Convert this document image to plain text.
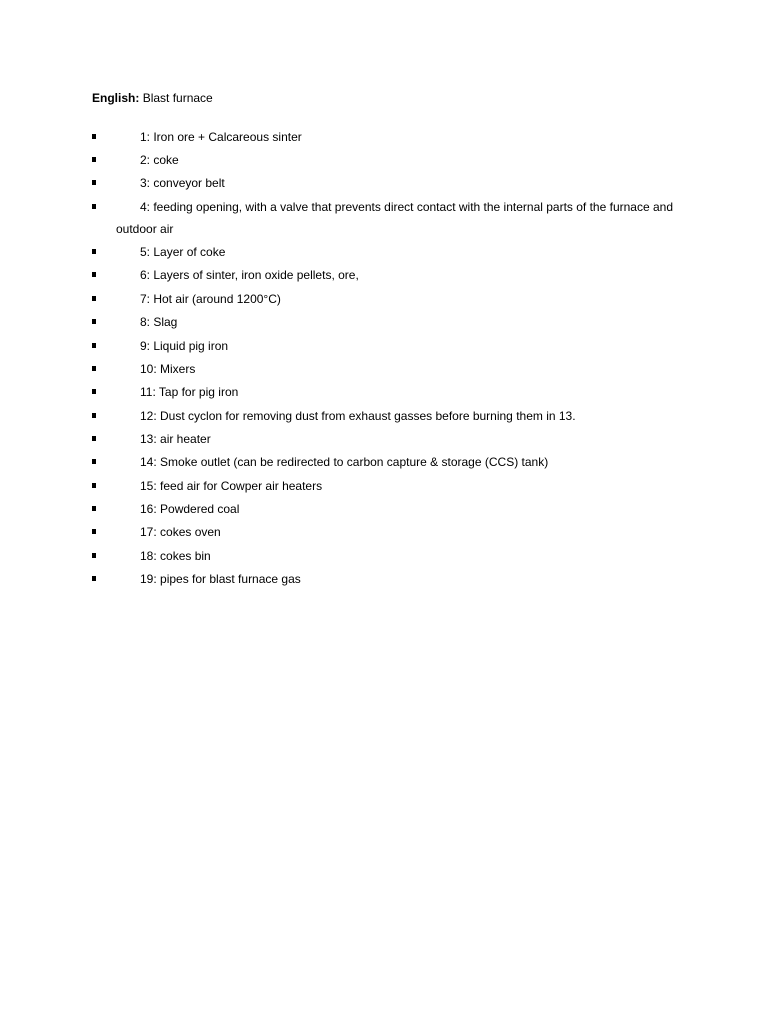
English: Blast furnace
1: Iron ore + Calcareous sinter
2: coke
3: conveyor belt
4: feeding opening, with a valve that prevents direct contact with the internal parts of the furnace and
outdoor air
5: Layer of coke
6: Layers of sinter, iron oxide pellets, ore,
7: Hot air (around 1200°C)
8: Slag
9: Liquid pig iron
10: Mixers
11: Tap for pig iron
12: Dust cyclon for removing dust from exhaust gasses before burning them in 13.
13: air heater
14: Smoke outlet (can be redirected to carbon capture & storage (CCS) tank)
15: feed air for Cowper air heaters
16: Powdered coal
17: cokes oven
18: cokes bin
19: pipes for blast furnace gas
